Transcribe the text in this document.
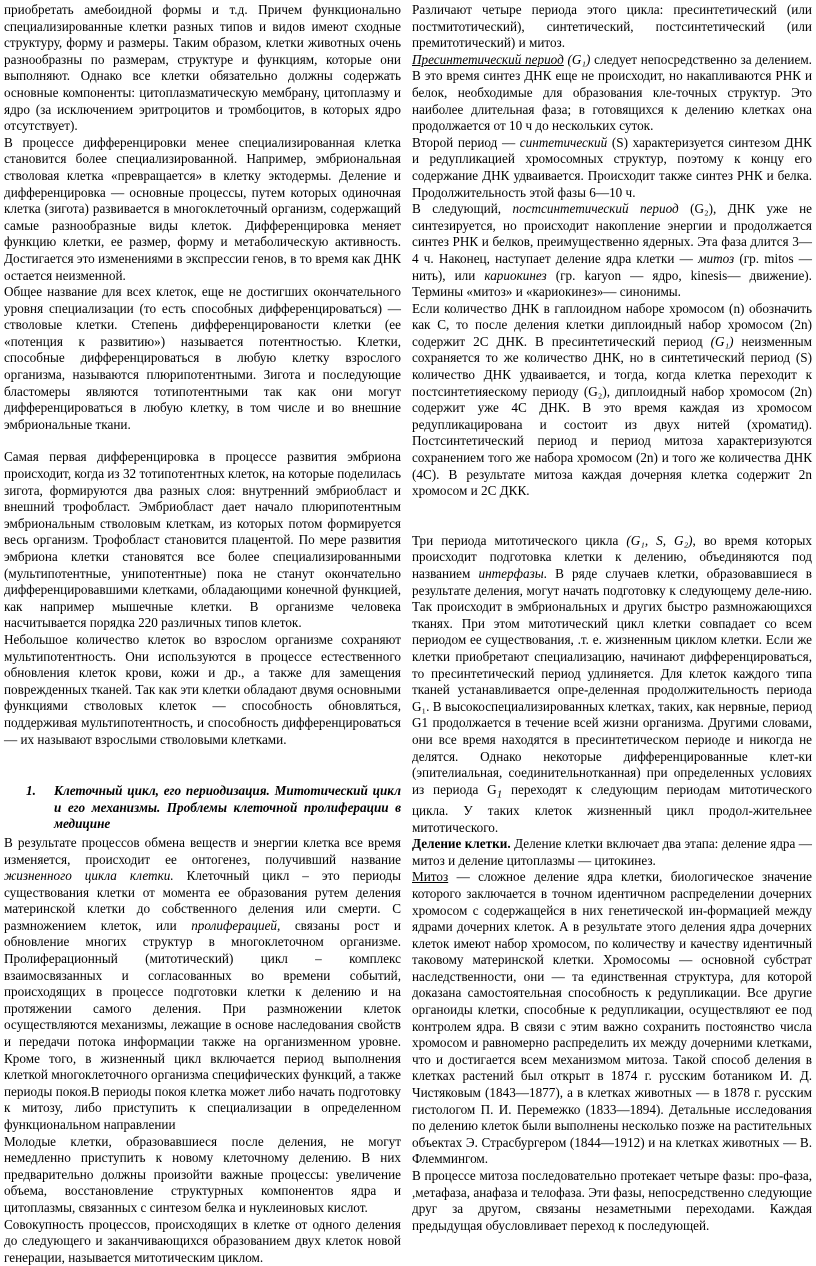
приобретать амебоидной формы и т.д. Причем функционально специализированные клетки разных типов и видов имеют сходные структуру, форму и размеры. Таким образом, клетки животных очень разнообразны по размерам, структуре и функциям, которые они выполняют. Однако все клетки обязательно должны содержать основные компоненты: цитоплазматическую мембрану, цитоплазму и ядро (за исключением эритроцитов и тромбоцитов, в которых ядро отсутствует).

В процессе дифференцировки менее специализированная клетка становится более специализированной. Например, эмбриональная стволовая клетка «превращается» в клетку эктодермы. Деление и дифференцировка — основные процессы, путем которых одиночная клетка (зигота) развивается в многоклеточный организм, содержащий самые разнообразные виды клеток. Дифференцировка меняет функцию клетки, ее размер, форму и метаболическую активность. Достигается это изменениями в экспрессии генов, в то время как ДНК остается неизменной.

Общее название для всех клеток, еще не достигших окончательного уровня специализации (то есть способных дифференцироваться) — стволовые клетки. Степень дифференцированости клетки (ее «потенция к развитию») называется потентностью. Клетки, способные дифференцироваться в любую клетку взрослого организма, называются плюрипотентными. Зигота и последующие бластомеры являются тотипотентными так как они могут дифференцироваться в любую клетку, в том числе и во внешние эмбриональные ткани.

Самая первая дифференцировка в процессе развития эмбриона происходит, когда из 32 тотипотентных клеток, на которые поделилась зигота, формируются два разных слоя: внутренний эмбриобласт и внешний трофобласт. Эмбриобласт дает начало плюрипотентным эмбриональным стволовым клеткам, из которых потом формируется весь организм. Трофобласт становится плацентой. По мере развития эмбриона клетки становятся все более специализированными (мультипотентные, унипотентные) пока не станут окончательно дифференцировавшими клетками, обладающими конечной функцией, как например мышечные клетки. В организме человека насчитывается порядка 220 различных типов клеток.

Небольшое количество клеток во взрослом организме сохраняют мультипотентность. Они используются в процессе естественного обновления клеток крови, кожи и др., а также для замещения поврежденных тканей. Так как эти клетки обладают двумя основными функциями стволовых клеток — способность обновляться, поддерживая мультипотентность, и способность дифференцироваться — их называют взрослыми стволовыми клетками.

1.	Клеточный цикл, его периодизация. Митотический цикл и его механизмы. Проблемы клеточной пролиферации в медицине

В результате процессов обмена веществ и энергии клетка все время изменяется, происходит ее онтогенез, получивший название жизненного цикла клетки. Клеточный цикл – это периоды существования клетки от момента ее образования рутем деления материнской клетки до собственного деления или смерти. С размножением клеток, или пролиферацией, связаны рост и обновление многих структур в многоклеточном организме. Пролиферационный (митотический) цикл – комплекс взаимосвязанных и согласованных во времени событий, происходящих в процессе подготовки клетки к делению и на протяжении самого деления. При размножении клеток осуществляются механизмы, лежащие в основе наследования свойств и передачи потока информации также на организменном уровне. Кроме того, в жизненный цикл включается период выполнения клеткой многоклеточного организма специфических функций, а также периоды покоя.В периоды покоя клетка может либо начать подготовку к митозу, либо приступить к специализации в определенном функциональном направлении

Молодые клетки, образовавшиеся после деления, не могут немедленно приступить к новому клеточному делению. В них предварительно должны произойти важные процессы: увеличение объема, восстановление структурных компонентов ядра и цитоплазмы, связанных с синтезом белка и нуклеиновых кислот.

Совокупность процессов, происходящих в клетке от одного деления до следующего и заканчивающихся образованием двух клеток новой генерации, называется митотическим циклом.

Различают четыре периода этого цикла: пресинтетический (или постмитотический), синтетический, постсинтетический (или премитотический) и митоз.

Пресинтетический период (G₁) следует непосредственно за делением. В это время синтез ДНК еще не происходит, но накапливаются РНК и белок, необходимые для образования кле-точных структур. Это наиболее длительная фаза; в готовящихся к делению клетках она продолжается от 10 ч до нескольких суток.

Второй период — синтетический (S) характеризуется синтезом ДНК и редупликацией хромосомных структур, поэтому к концу его содержание ДНК удваивается. Происходит также синтез РНК и белка. Продолжительность этой фазы 6—10 ч.

В следующий, постсинтетический период (G₂), ДНК уже не синтезируется, но происходит накопление энергии и продолжается синтез РНК и белков, преимущественно ядерных. Эта фаза длится 3—4 ч. Наконец, наступает деление ядра клетки — митоз (гр. mitos — нить), или кариокинез (гр. karyon — ядро, kinesis— движение). Термины «митоз» и «кариокинез»— синонимы.

Если количество ДНК в гаплоидном наборе хромосом (n) обозначить как С, то после деления клетки диплоидный набор хромосом (2n) содержит 2С ДНК. В пресинтетический период (G₁) неизменным сохраняется то же количество ДНК, но в синтетический период (S) количество ДНК удваивается, и тогда, когда клетка переходит к постсинтетияескому периоду (G₂), диплоидный набор хромосом (2n) содержит уже 4С ДНК. В это время каждая из хромосом редупликацирована и состоит из двух нитей (хроматид). Постсинтетический период и период митоза характеризуются сохранением того же набора хромосом (2n) и того же количества ДНК (4С). В результате митоза каждая дочерняя клетка содержит 2n хромосом и 2С ДКК.

Три периода митотического цикла (G₁, S, G₂), во время которых происходит подготовка клетки к делению, объединяются под названием интерфазы. В ряде случаев клетки, образовавшиеся в результате деления, могут начать подготовку к следующему деле-нию. Так происходит в эмбриональных и других быстро размножающихся тканях. При этом митотический цикл клетки совпадает со всем периодом ее существования, .т. е. жизненным циклом клетки. Если же клетки приобретают специализацию, начинают дифференцироваться, то пресинтетический период удлиняется. Для клеток каждого типа тканей устанавливается опре-деленная продолжительность периода G₁. В высокоспециализированных клетках, таких, как нервные, период G1 продолжается в течение всей жизни организма. Другими словами, они все время находятся в пресинтетическом периоде и никогда не делятся. Однако некоторые дифференцированные клет-ки (эпителиальная, соединительнотканная) при определенных условиях из периода $G_1$ переходят к следующим периодам митотического цикла. У таких клеток жизненный цикл продол-жительнее митотического.

Деление клетки. Деление клетки включает два этапа: деление ядра — митоз и деление цитоплазмы — цитокинез.

Митоз — сложное деление ядра клетки, биологическое значение которого заключается в точном идентичном распределении дочерних хромосом с содержащейся в них генетической ин-формацией между ядрами дочерних клеток. А в результате этого деления ядра дочерних клеток имеют набор хромосом, по количеству и качеству идентичный таковому материнской клетки. Хромосомы — основной субстрат наследственности, они — та единственная структура, для которой доказана самостоятельная способность к редупликации. Все другие органоиды клетки, способные к редупликации, осуществляют ее под контролем ядра. В связи с этим важно сохранить постоянство числа хромосом и равномерно распределить их между дочерними клетками, что и достигается всем механизмом митоза. Такой способ деления в клетках растений был открыт в 1874 г. русским ботаником И. Д. Чистяковым (1843—1877), а в клетках животных — в 1878 г. русским гистологом П. И. Перемежко (1833—1894). Детальные исследования по делению клеток были выполнены несколько позже на растительных объектах Э. Страсбургером (1844—1912) и на клетках животных — В. Флеммингом.

В процессе митоза последовательно протекает четыре фазы: про-фаза, ,метафаза, анафаза и телофаза. Эти фазы, непосредственно следующие друг за другом, связаны незаметными переходами. Каждая предыдущая обусловливает переход к последующей.
